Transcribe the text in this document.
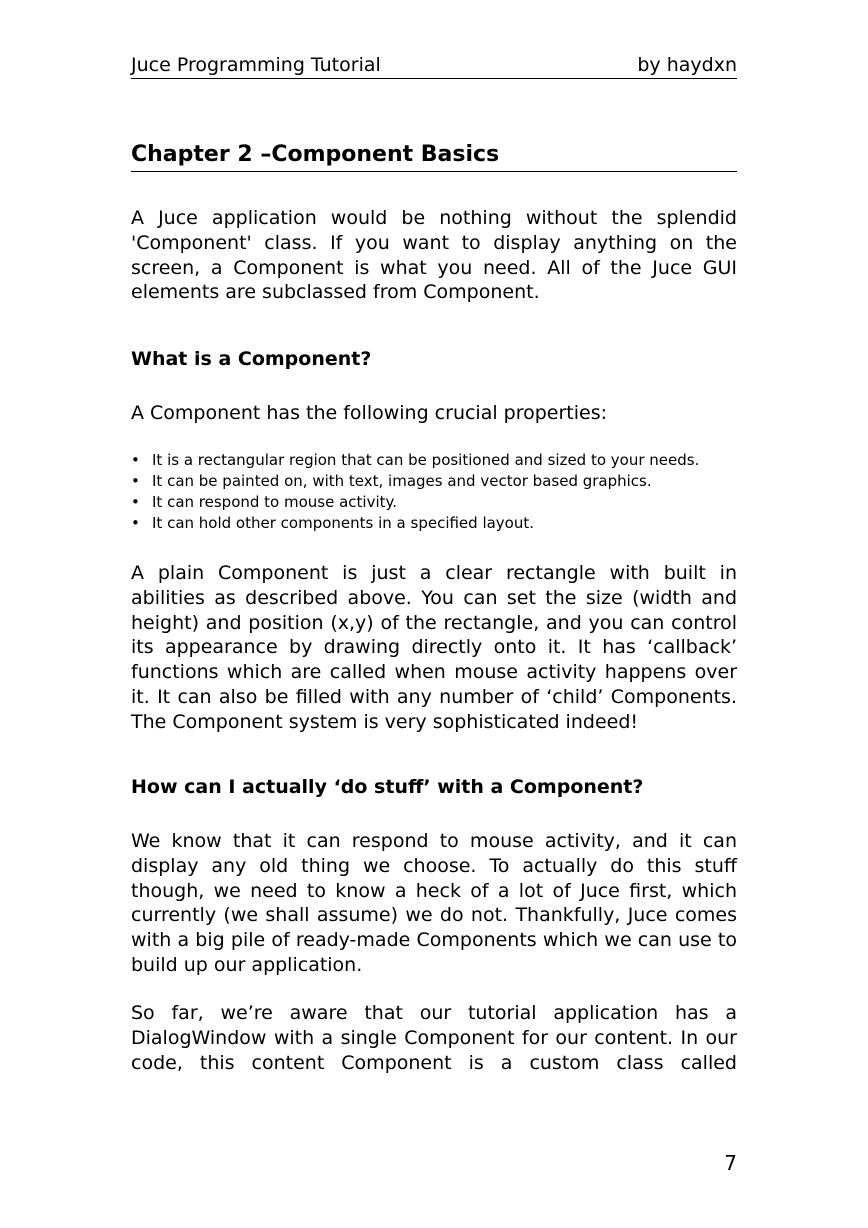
Juce Programming Tutorial	by haydxn
Chapter 2 –Component Basics

A Juce application would be nothing without the splendid 'Component' class. If you want to display anything on the screen, a Component is what you need. All of the Juce GUI elements are subclassed from Component.

What is a Component?

A Component has the following crucial properties:

• It is a rectangular region that can be positioned and sized to your needs.
• It can be painted on, with text, images and vector based graphics.
• It can respond to mouse activity.
• It can hold other components in a specified layout.

A plain Component is just a clear rectangle with built in abilities as described above. You can set the size (width and height) and position (x,y) of the rectangle, and you can control its appearance by drawing directly onto it. It has ‘callback’ functions which are called when mouse activity happens over it. It can also be filled with any number of ‘child’ Components. The Component system is very sophisticated indeed!

How can I actually ‘do stuff’ with a Component?

We know that it can respond to mouse activity, and it can display any old thing we choose. To actually do this stuff though, we need to know a heck of a lot of Juce first, which currently (we shall assume) we do not. Thankfully, Juce comes with a big pile of ready-made Components which we can use to build up our application.

So far, we’re aware that our tutorial application has a DialogWindow with a single Component for our content. In our code, this content Component is a custom class called

7
